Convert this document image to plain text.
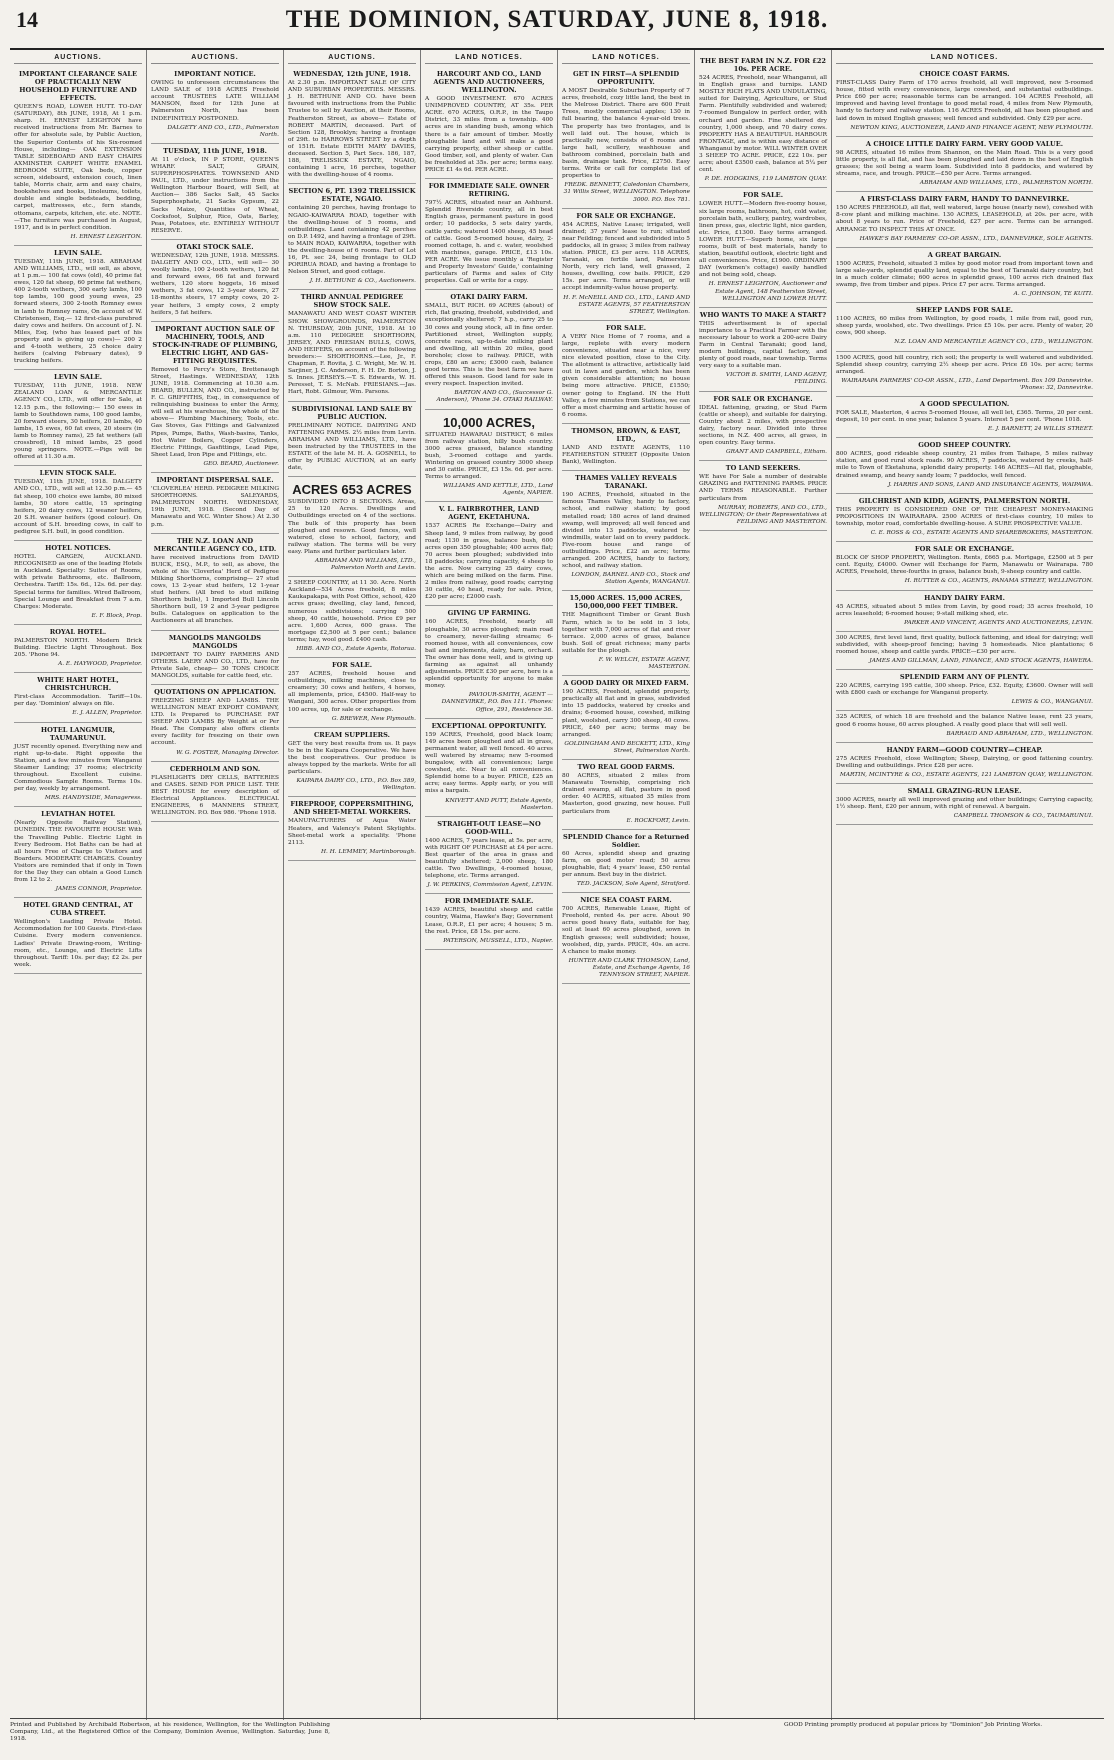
14	THE DOMINION, SATURDAY, JUNE 8, 1918.
AUCTIONS.
IMPORTANT CLEARANCE SALE OF PRACTICALLY NEW HOUSEHOLD FURNITURE AND EFFECTS.
QUEEN'S ROAD, LOWER HUTT. TO-DAY (SATURDAY), 8th JUNE, 1918, At 1 p.m. sharp. H. ERNEST LEIGHTON have received instructions from Mr. Barnes to offer for absolute sale, by Public Auction, the Superior Contents of his Six-roomed House, including— OAK EXTENSION TABLE SIDEBOARD AND EASY CHAIRS AXMINSTER CARPET WHITE ENAMEL BEDROOM SUITE, Oak beds, copper screen, sideboard, extension couch, linen table, Morris chair, arm and easy chairs, bookshelves and books, linoleums, toilets, double and single bedsteads, bedding, carpet, mattresses, etc., fern stands, ottomans, carpets, kitchen, etc. etc. NOTE.—The furniture was purchased in August, 1917, and is in perfect condition.
H. ERNEST LEIGHTON.
LEVIN SALE.
TUESDAY, 11th JUNE, 1918. ABRAHAM AND WILLIAMS, LTD., will sell, as above, at 1 p.m.— 100 fat cows (old), 40 prime fat ewes, 120 fat sheep, 60 prime fat wethers, 400 2-tooth wethers, 300 early lambs, 100 top lambs, 100 good young ewes, 25 forward steers, 300 2-tooth Romney ewes in lamb to Romney rams, On account of W. Christensen, Esq.— 12 first-class purebred dairy cows and heifers. On account of J. N. Miles, Esq. (who has leased part of his property and is giving up cows)— 200 2 and 4-tooth wethers, 25 choice dairy heifers (calving February dates), 9 trucking heifers.
LEVIN SALE.
TUESDAY, 11th JUNE, 1918. NEW ZEALAND LOAN & MERCANTILE AGENCY CO., LTD., will offer for Sale, at 12.15 p.m., the following:— 150 ewes in lamb to Southdown rams, 100 good lambs, 20 forward steers, 30 heifers, 20 lambs, 40 lambs, 15 ewes, 60 fat ewes, 20 steers (in lamb to Romney rams), 25 fat wethers (all crossbred), 18 mixed lambs, 25 good young springers. NOTE.—Pigs will be offered at 11.30 a.m.
LEVIN STOCK SALE.
TUESDAY, 11th JUNE, 1918. DALGETY AND CO., LTD., will sell at 12.30 p.m.— 45 fat sheep, 100 choice ewe lambs, 80 mixed lambs, 50 store cattle, 15 springing heifers, 20 dairy cows, 12 weaner heifers, 20 S.H. weaner heifers (good colour). On account of S.H. breeding cows, in calf to pedigree S.H. bull, in good condition.
HOTEL NOTICES.
HOTEL CARGEN, AUCKLAND. RECOGNISED as one of the leading Hotels in Auckland. Specialty: Suites of Rooms, with private Bathrooms, etc. Ballroom, Orchestra. Tariff: 15s. 6d., 12s. 6d. per day. Special terms for families. Wired Ballroom, Special Lounge and Breakfast from 7 a.m. Charges: Moderate.
E. F. Block, Prop.
ROYAL HOTEL.
PALMERSTON NORTH. Modern Brick Building. Electric Light Throughout. Box 205. 'Phone 94.
A. E. HAYWOOD, Proprietor.
WHITE HART HOTEL, CHRISTCHURCH.
First-class Accommodation. Tariff—10s. per day. 'Dominion' always on file.
E. J. ALLEN, Proprietor.
HOTEL LANGMUIR, TAUMARUNUI.
JUST recently opened. Everything new and right up-to-date. Right opposite the Station, and a few minutes from Wanganui Steamer Landing; 37 rooms; electricity throughout. Excellent cuisine. Commodious Sample Rooms. Terms 10s. per day, weekly by arrangement.
MRS. HANDYSIDE, Manageress.
LEVIATHAN HOTEL
(Nearly Opposite Railway Station), DUNEDIN. THE FAVOURITE HOUSE With the Travelling Public. Electric Light in Every Bedroom. Hot Baths can be had at all hours Free of Charge to Visitors and Boarders. MODERATE CHARGES. Country Visitors are reminded that if only in Town for the Day they can obtain a Good Lunch from 12 to 2.
JAMES CONNOR, Proprietor.
HOTEL GRAND CENTRAL, AT CUBA STREET.
Wellington's Leading Private Hotel. Accommodation for 100 Guests. First-class Cuisine. Every modern convenience. Ladies' Private Drawing-room, Writing-room, etc., Lounge, and Electric Lifts throughout. Tariff: 10s. per day; £2 2s. per week.
AUCTIONS.
IMPORTANT NOTICE.
OWING to unforeseen circumstances the LAND SALE of 1918 ACRES Freehold account TRUSTEES LATE WILLIAM MANSON, fixed for 12th June at Palmerston North, has been INDEFINITELY POSTPONED.
DALGETY AND CO., LTD., Palmerston North.
TUESDAY, 11th JUNE, 1918.
At 11 o'clock, IN P STORE, QUEEN'S WHARF. SALT, GRAIN, SUPERPHOSPHATES. TOWNSEND AND PAUL, LTD., under instructions from the Wellington Harbour Board, will Sell, at Auction— 386 Sacks Salt, 45 Sacks Superphosphate, 21 Sacks Gypsum, 22 Sacks Maize, Quantities of Wheat, Cocksfoot, Sulphur, Rice, Oats, Barley, Peas, Potatoes, etc. ENTIRELY WITHOUT RESERVE.
OTAKI STOCK SALE.
WEDNESDAY, 12th JUNE, 1918. MESSRS. DALGETY AND CO., LTD., will sell— 30 woolly lambs, 100 2-tooth wethers, 120 fat and forward ewes, 66 fat and forward wethers, 120 store hoggets, 16 mixed wethers, 3 fat cows, 12 3-year steers, 27 18-months steers, 17 empty cows, 20 2-year heifers, 3 empty cows, 2 empty heifers, 5 fat heifers.
IMPORTANT AUCTION SALE OF MACHINERY, TOOLS, AND STOCK-IN-TRADE OF PLUMBING, ELECTRIC LIGHT, AND GAS-FITTING REQUISITES.
Removed to Percy's Store, Brettenaugh Street, Hastings. WEDNESDAY, 12th JUNE, 1918. Commencing at 10.30 a.m. BEARD, BULLEN, AND CO., instructed by F. C. GRIFFITHS, Esq., in consequence of relinquishing business to enter the Army, will sell at his warehouse, the whole of the above— Plumbing Machinery, Tools, etc. Gas Stoves, Gas Fittings and Galvanized Pipes, Pumps, Baths, Wash-basins, Tanks, Hot Water Boilers, Copper Cylinders, Electric Fittings, Gasfittings, Lead Pipe, Sheet Lead, Iron Pipe and Fittings, etc.
GEO. BEARD, Auctioneer.
IMPORTANT DISPERSAL SALE.
'CLOVERLEA' HERD. PEDIGREE MILKING SHORTHORNS. SALEYARDS, PALMERSTON NORTH. WEDNESDAY, 19th JUNE, 1918. (Second Day of Manawatu and W.C. Winter Show.) At 2.30 p.m.
THE N.Z. LOAN AND MERCANTILE AGENCY CO., LTD.
have received instructions from DAVID BUICK, ESQ., M.P., to sell, as above, the whole of his 'Cloverlea' Herd of Pedigree Milking Shorthorns, comprising— 27 stud cows, 13 2-year stud heifers, 12 1-year stud heifers. (All bred to stud milking Shorthorn bulls), 1 Imported Bull Lincoln Shorthorn bull, 19 2 and 3-year pedigree bulls. Catalogues on application to the Auctioneers at all branches.
MANGOLDS MANGOLDS MANGOLDS
IMPORTANT TO DAIRY FARMERS AND OTHERS. LAERY AND CO., LTD., have for Private Sale, cheap— 30 TONS CHOICE MANGOLDS, suitable for cattle feed, etc.
QUOTATIONS ON APPLICATION.
FREEZING SHEEP AND LAMBS. THE WELLINGTON MEAT EXPORT COMPANY, LTD. Is Prepared to PURCHASE FAT SHEEP AND LAMBS By Weight at or Per Head. The Company also offers clients every facility for freezing on their own account.
W. G. FOSTER, Managing Director.
CEDERHOLM AND SON.
FLASHLIGHTS DRY CELLS, BATTERIES and CASES. SEND FOR PRICE LIST. THE BEST HOUSE for every description of Electrical Appliances. ELECTRICAL ENGINEERS, 6 MANNERS STREET, WELLINGTON. P.O. Box 986. 'Phone 1918.
AUCTIONS.
WEDNESDAY, 12th JUNE, 1918.
At 2.30 p.m. IMPORTANT SALE OF CITY AND SUBURBAN PROPERTIES. MESSRS. J. H. BETHUNE AND CO. have been favoured with instructions from the Public Trustee to sell by Auction, at their Rooms, Featherston Street, as above— Estate of ROBERT MARTIN, deceased. Part of Section 128, Brooklyn; having a frontage of 29ft. to HARROWS STREET by a depth of 151ft. Estate EDITH MARY DAVIES, deceased. Section 5, Part Secs. 186, 187, 188, TRELISSICK ESTATE, NGAIO, containing 1 acre, 16 perches, together with the dwelling-house of 4 rooms.
SECTION 6, PT. 1392 TRELISSICK ESTATE, NGAIO.
containing 20 perches, having frontage to NGAIO-KAIWARRA ROAD, together with the dwelling-house of 5 rooms, and outbuildings. Land containing 42 perches on D.P. 1492, and having a frontage of 29ft. to MAIN ROAD, KAIWARRA, together with the dwelling-house of 6 rooms. Part of Lot 16, Pt. sec 24, being frontage to OLD PORIRUA ROAD, and having a frontage to Nelson Street, and good cottage.
J. H. BETHUNE & CO., Auctioneers.
THIRD ANNUAL PEDIGREE SHOW STOCK SALE.
MANAWATU AND WEST COAST WINTER SHOW. SHOWGROUNDS, PALMERSTON N. THURSDAY, 20th JUNE, 1918. At 10 a.m. 110 PEDIGREE SHORTHORN, JERSEY, AND FRIESIAN BULLS, COWS, AND HEIFERS, on account of the following breeders:— SHORTHORNS.—Lee, Jr., F. Chapman, F. Rovita, J. C. Wright, Mr. W. H. Sarjiner, J. C. Anderson, F. H. Dr. Borton, J. S. Innes. JERSEYS.—T. S. Edwards, W. H. Peresset, T. S. McNab. FRIESIANS.—Jas. Hart, Robt. Gilmour, Wm. Parsons.
SUBDIVISIONAL LAND SALE BY PUBLIC AUCTION.
PRELIMINARY NOTICE. DAIRYING AND FATTENING FARMS. 2½ miles from Levin. ABRAHAM AND WILLIAMS, LTD., have been instructed by the TRUSTEES in the ESTATE of the late M. H. A. GOSNELL, to offer by PUBLIC AUCTION, at an early date,
ACRES 653 ACRES
SUBDIVIDED INTO 8 SECTIONS. Areas, 25 to 120 Acres. Dwellings and Outbuildings erected on 4 of the sections. The bulk of this property has been ploughed and resown. Good fences, well watered, close to school, factory, and railway station. The terms will be very easy. Plans and further particulars later.
ABRAHAM AND WILLIAMS, LTD., Palmerston North and Levin.
2 SHEEP COUNTRY, at 11 30. Acre. North Auckland—534 Acres freehold, 8 miles Kaukapakapa, with Post Office, school, 420 acres grass; dwelling, clay land, fenced, numerous subdivisions; carrying 500 sheep, 40 cattle, household. Price £9 per acre. 1,600 Acres, 600 grass. The mortgage £2,500 at 5 per cent.; balance terms; hay, wool good. £400 cash.
HIBB. AND CO., Estate Agents, Rotorua.
FOR SALE.
257 ACRES, freehold house and outbuildings, milking machines, close to creamery; 30 cows and heifers, 4 horses, all implements, price, £4500. Half-way to Wangani, 300 acres. Other properties from 100 acres, up, for sale or exchange.
G. BREWER, New Plymouth.
CREAM SUPPLIERS.
GET the very best results from us. It pays to be in the Kaipara Cooperative. We have the best cooperatives. Our produce is always topped by the markets. Write for all particulars.
KAIPARA DAIRY CO., LTD., P.O. Box 389, Wellington.
FIREPROOF, COPPERSMITHING, AND SHEET-METAL WORKERS.
MANUFACTURERS of Aqua Water Heaters, and Valency's Patent Skylights. Sheet-metal work a speciality. 'Phone 2113.
H. H. LEMMEY, Martinborough.
LAND NOTICES.
HARCOURT AND CO., LAND AGENTS AND AUCTIONEERS, WELLINGTON.
A GOOD INVESTMENT. 670 ACRES UNIMPROVED COUNTRY, AT 35s. PER ACRE. 670 ACRES, O.R.P., in the Taupo District, 33 miles from a township. 400 acres are in standing bush, among which there is a fair amount of timber. Mostly ploughable land and will make a good carrying property, either sheep or cattle. Good timber, soil, and plenty of water. Can be freeholded at 35s. per acre; terms easy. PRICE £1 4s 6d. PER ACRE.
FOR IMMEDIATE SALE. OWNER RETIRING.
797½ ACRES, situated near an Ashhurst. Splendid Riverside country, all in best English grass, permanent pasture in good order; 10 paddocks, 5 sets dairy yards, cattle yards; watered 1400 sheep, 45 head of cattle. Good 5-roomed house, dairy, 2-roomed cottage, h. and c. water, woolshed with machines, garage. PRICE, £13 10s. PER ACRE. We issue monthly a 'Register and Property Investors' Guide,' containing particulars of Farms and sales of City properties. Call or write for a copy.
OTAKI DAIRY FARM.
SMALL, BUT RICH. 69 ACRES (about) of rich, flat grazing, freehold, subdivided, and exceptionally sheltered; 7 h.p., carry 25 to 30 cows and young stock, all in fine order. Partitioned street, Wellington supply, concrete races, up-to-date milking plant and dwelling, all within 20 miles, good borehole; close to railway. PRICE, with crops, £80 an acre; £3000 cash, balance good terms. This is the best farm we have offered this season. Good land for sale in every respect. Inspection invited.
BARTON AND CO., (Successor G. Anderson), 'Phone 34. OTAKI RAILWAY.
10,000 ACRES,
SITUATED HAWARAU DISTRICT, 6 miles from railway station, hilly bush country. 3000 acres grassed, balance standing bush, 3-roomed cottage and yards. Wintering on grassed country 3000 sheep and 30 cattle. PRICE, £3 15s. 6d. per acre. Terms to arranged.
WILLIAMS AND KETTLE, LTD., Land Agents, NAPIER.
V. L. FAIRBROTHER, LAND AGENT, EKETAHUNA.
1537 ACRES Re Exchange—Dairy and Sheep land, 9 miles from railway, by good road; 1130 in grass, balance bush, 600 acres open 350 ploughable; 400 acres flat; 70 acres been ploughed; subdivided into 18 paddocks; carrying capacity, 4 sheep to the acre. Now carrying 25 dairy cows, which are being milked on the farm. Fine. 2 miles from railway, good roads; carrying 30 cattle, 40 head, ready for sale. Price, £20 per acre; £2000 cash.
GIVING UP FARMING.
160 ACRES, Freehold, nearly all ploughable, 30 acres ploughed; main road to creamery, never-failing streams; 6-roomed house, with all conveniences, cow bail and implements, dairy, barn, orchard. The owner has done well, and is giving up farming as against all unhandy adjustments. PRICE £30 per acre, here is a splendid opportunity for anyone to make money.
PAVIOUR-SMITH, AGENT — DANNEVIRKE, P.O. Box 111. 'Phones: Office, 291, Residence 36.
EXCEPTIONAL OPPORTUNITY.
159 ACRES, Freehold, good black loam; 149 acres been ploughed and all in grass, permanent water, all well fenced. 40 acres well watered by streams; new 5-roomed bungalow, with all conveniences; large cowshed, etc. Near to all conveniences. Splendid home to a buyer. PRICE, £25 an acre; easy terms. Apply early, or you will miss a bargain.
KNIVETT AND PUTT, Estate Agents, Masterton.
STRAIGHT-OUT LEASE—NO GOOD-WILL.
1400 ACRES, 7 years lease, at 5s. per acre, with RIGHT OF PURCHASE at £4 per acre. Best quarter of the area in grass and beautifully sheltered; 2,000 sheep, 180 cattle. Two Dwellings, 4-roomed house, telephone, etc. Terms arranged.
J. W. PERKINS, Commission Agent, LEVIN.
FOR IMMEDIATE SALE.
1439 ACRES, beautiful sheep and cattle country, Waima, Hawke's Bay; Government Lease, O.R.P., £1 per acre; 4 houses; 5 m. the rest. Price, £8 15s. per acre.
PATERSON, MUSSELL, LTD., Napier.
LAND NOTICES.
GET IN FIRST—A SPLENDID OPPORTUNITY.
A MOST Desirable Suburban Property of 7 acres, freehold, cozy little land, the best in the Melrose District. There are 600 Fruit Trees, mostly commercial apples; 130 in full bearing, the balance 4-year-old trees. The property has two frontages, and is well laid out. The house, which is practically new, consists of 6 rooms and large hall, scullery, washhouse and bathroom combined, porcelain bath and basin, drainage tank. Price, £2750. Easy terms. Write or call for complete list of properties to
FREDK. BENNETT, Caledonian Chambers, 31 Willis Street, WELLINGTON. Telephone 3000. P.O. Box 781.
FOR SALE OR EXCHANGE.
454 ACRES, Native Lease; irrigated, well drained; 37 years' lease to run; situated near Feilding; fenced and subdivided into 5 paddocks, all in grass; 3 miles from railway station. PRICE, £3 per acre. 118 ACRES, Taranaki, on fertile land, Palmerston North, very rich land, well grassed, 2 houses, dwelling, cow bails. PRICE, £29 15s. per acre. Terms arranged, or will accept indemnity-value house property.
H. F. McNEILL AND CO., LTD., LAND AND ESTATE AGENTS, 57 FEATHERSTON STREET, Wellington.
FOR SALE.
A VERY Nice Home of 7 rooms, and a large, replete with every modern convenience, situated near a nice, very nice elevated position, close to the City. The allotment is attractive, artistically laid out in lawn and garden, which has been given considerable attention; no house being more attractive. PRICE, £1550; owner going to England. IN the Hutt Valley, a few minutes from Stations, we can offer a most charming and artistic house of 6 rooms.
THOMSON, BROWN, & EAST, LTD.,
LAND AND ESTATE AGENTS, 110 FEATHERSTON STREET (Opposite Union Bank), Wellington.
THAMES VALLEY REVEALS TARANAKI.
190 ACRES, Freehold, situated in the famous Thames Valley, handy to factory, school, and railway station; by good metalled road; 180 acres of land drained swamp, well improved; all well fenced and divided into 13 paddocks, watered by windmills, water laid on to every paddock. Five-room house and range of outbuildings. Price, £22 an acre; terms arranged. 200 ACRES, handy to factory, school, and railway station.
LONDON, BARNEL AND CO., Stock and Station Agents, WANGANUI.
15,000 ACRES. 15,000 ACRES, 150,000,000 FEET TIMBER.
THE Magnificent Timber or Grant Bush Farm, which is to be sold in 3 lots, together with 7,000 acres of flat and river terrace. 2,000 acres of grass, balance bush. Soil of great richness; many parts suitable for the plough.
F. W. WELCH, ESTATE AGENT, MASTERTON.
A GOOD DAIRY OR MIXED FARM.
190 ACRES, Freehold, splendid property, practically all flat and in grass, subdivided into 15 paddocks, watered by creeks and drains; 6-roomed house, cowshed, milking plant, woolshed, carry 300 sheep, 40 cows. PRICE, £40 per acre; terms may be arranged.
GOLDINGHAM AND BECKETT, LTD., King Street, Palmerston North.
TWO REAL GOOD FARMS.
80 ACRES, situated 2 miles from Manawatu Township, comprising rich drained swamp, all flat, pasture in good order. 40 ACRES, situated 35 miles from Masterton, good grazing, new house. Full particulars from
E. ROCKFORT, Levin.
SPLENDID Chance for a Returned Soldier.
60 Acres, splendid sheep and grazing farm, on good motor road; 50 acres ploughable, flat; 4 years' lease, £50 rental per annum. Best buy in the district.
TED. JACKSON, Sole Agent, Stratford.
NICE SEA COAST FARM.
700 ACRES, Renewable Lease, Right of Freehold, rented 4s. per acre. About 90 acres good heavy flats, suitable for hay, soil at least 60 acres ploughed, sown in English grasses; well subdivided; house, woolshed, dip, yards. PRICE, 40s. an acre. A chance to make money.
HUNTER AND CLARK THOMSON, Land, Estate, and Exchange Agents, 16 TENNYSON STREET, NAPIER.
THE BEST FARM IN N.Z. FOR £22 10s. PER ACRE.
524 ACRES, Freehold, near Whanganui, all in English grass and turnips. LAND MOSTLY RICH FLATS AND UNDULATING, suited for Dairying, Agriculture, or Stud Farm. Plentifully subdivided and watered; 7-roomed Bungalow in perfect order, with orchard and garden. Fine sheltered dry country, 1,000 sheep, and 70 dairy cows. PROPERTY HAS A BEAUTIFUL HARBOUR FRONTAGE, and is within easy distance of Whanganui by motor. WILL WINTER OVER 3 SHEEP TO ACRE. PRICE, £22 10s. per acre; about £3500 cash, balance at 5¼ per cent.
P. DE. HODGKINS, 119 LAMBTON QUAY.
FOR SALE.
LOWER HUTT.—Modern five-roomy house, six large rooms, bathroom, hot, cold water, porcelain bath, scullery, pantry, wardrobes, linen press, gas, electric light, nice garden, etc. Price, £1300. Easy terms arranged. LOWER HUTT.—Superb home, six large rooms, built of best materials, handy to station, beautiful outlook, electric light and all conveniences. Price, £1900. ORDINARY DAY (workmen's cottage) easily handled and not being sold, cheap.
H. ERNEST LEIGHTON, Auctioneer and Estate Agent, 148 Featherston Street, WELLINGTON AND LOWER HUTT.
WHO WANTS TO MAKE A START?
THIS advertisement is of special importance to a Practical Farmer with the necessary labour to work a 200-acre Dairy Farm in Central Taranaki; good land, modern buildings, capital factory, and plenty of good roads, near township. Terms very easy to a suitable man.
VICTOR B. SMITH, LAND AGENT, FEILDING.
FOR SALE OR EXCHANGE.
IDEAL fattening, grazing, or Stud Farm (cattle or sheep), and suitable for dairying. Country about 2 miles, with prospective dairy, factory near. Divided into three sections, in N.Z. 400 acres, all grass, in open country. Easy terms.
GRANT AND CAMPBELL, Eltham.
TO LAND SEEKERS.
WE have For Sale a number of desirable GRAZING and FATTENING FARMS. PRICE AND TERMS REASONABLE. Further particulars from
MURRAY, ROBERTS, AND CO., LTD., WELLINGTON; Or their Representatives at FEILDING AND MASTERTON.
LAND NOTICES.
CHOICE COAST FARMS.
FIRST-CLASS Dairy Farm of 170 acres freehold, all well improved, new 5-roomed house, fitted with every convenience, large cowshed, and substantial outbuildings. Price £60 per acre; reasonable terms can be arranged. 104 ACRES Freehold, all improved and having level frontage to good metal road, 4 miles from New Plymouth, handy to factory and railway station. 116 ACRES Freehold, all has been ploughed and laid down in mixed English grasses; well fenced and subdivided. Only £29 per acre.
NEWTON KING, AUCTIONEER, LAND AND FINANCE AGENT, NEW PLYMOUTH.
A CHOICE LITTLE DAIRY FARM. VERY GOOD VALUE.
98 ACRES, situated 16 miles from Shannon, on the Main Road. This is a very good little property, is all flat, and has been ploughed and laid down in the best of English grasses; the soil being a warm loam. Subdivided into 8 paddocks, and watered by streams, race, and trough. PRICE—£50 per Acre. Terms arranged.
ABRAHAM AND WILLIAMS, LTD., PALMERSTON NORTH.
A FIRST-CLASS DAIRY FARM, HANDY TO DANNEVIRKE.
150 ACRES FREEHOLD, all flat, well watered, large house (nearly new), cowshed with 8-cow plant and milking machine. 130 ACRES, LEASEHOLD, at 20s. per acre, with about 8 years to run. Price of Freehold, £27 per acre. Terms can be arranged. ARRANGE TO INSPECT THIS AT ONCE.
HAWKE'S BAY FARMERS' CO-OP. ASSN., LTD., DANNEVIRKE, SOLE AGENTS.
A GREAT BARGAIN.
1500 ACRES, Freehold, situated 3 miles by good motor road from important town and large sale-yards, splendid quality land, equal to the best of Taranaki dairy country, but in a much colder climate; 600 acres in splendid grass, 100 acres rich drained flax swamp, five from timber and pipes. Price £7 per acre. Terms arranged.
A. C. JOHNSON, TE KUITI.
SHEEP LANDS FOR SALE.
1100 ACRES, 60 miles from Wellington, by good roads, 1 mile from rail, good run, sheep yards, woolshed, etc. Two dwellings. Price £5 10s. per acre. Plenty of water, 20 cows, 900 sheep.
N.Z. LOAN AND MERCANTILE AGENCY CO., LTD., WELLINGTON.
1500 ACRES, good hill country, rich soil; the property is well watered and subdivided. Splendid sheep country, carrying 2½ sheep per acre. Price £6 10s. per acre; terms arranged.
WAIRARAPA FARMERS' CO-OP. ASSN., LTD., Land Department. Box 109 Dannevirke. 'Phones: 32, Dannevirke.
A GOOD SPECULATION.
FOR SALE, Masterton, 4 acres 5-roomed House, all well let, £365. Terms, 20 per cent. deposit, 10 per cent. in one year, balance 5 years. Interest 5 per cent. 'Phone 1018.
E. J. BARNETT, 24 WILLIS STREET.
GOOD SHEEP COUNTRY.
800 ACRES, good rideable sheep country, 21 miles from Taihape, 5 miles railway station, and good rural stock roads. 90 ACRES, 7 paddocks, watered by creeks, half-mile to Town of Eketahuna, splendid dairy property. 146 ACRES—All flat, ploughable, drained swamp, and heavy sandy loam; 7 paddocks, well fenced.
J. HARRIS AND SONS, LAND AND INSURANCE AGENTS, WAIPAWA.
GILCHRIST AND KIDD, AGENTS, PALMERSTON NORTH.
THIS PROPERTY IS CONSIDERED ONE OF THE CHEAPEST MONEY-MAKING PROPOSITIONS IN WAIRARAPA. 2500 ACRES of first-class country, 10 miles to township, motor road, comfortable dwelling-house. A SURE PROSPECTIVE VALUE.
C. E. ROSS & CO., ESTATE AGENTS AND SHAREBROKERS, MASTERTON.
FOR SALE OR EXCHANGE.
BLOCK OF SHOP PROPERTY, Wellington. Rents, £665 p.a. Mortgage, £2500 at 5 per cent. Equity, £4000. Owner will Exchange for Farm, Manawatu or Wairarapa. 780 ACRES, Freehold, three-fourths in grass, balance bush, 9-sheep country and cattle.
H. RUTTER & CO., AGENTS, PANAMA STREET, WELLINGTON.
HANDY DAIRY FARM.
45 ACRES, situated about 5 miles from Levin, by good road; 35 acres freehold, 10 acres leasehold; 6-roomed house; 9-stall milking shed, etc.
PARKER AND VINCENT, AGENTS AND AUCTIONEERS, LEVIN.
300 ACRES, first level land, first quality, bullock fattening, and ideal for dairying; well subdivided, with sheep-proof fencing; having 5 homesteads. Nice plantations; 6 roomed house, sheep and cattle yards. PRICE—£30 per acre.
JAMES AND GILLMAN, LAND, FINANCE, AND STOCK AGENTS, HAWERA.
SPLENDID FARM ANY OF PLENTY.
220 ACRES, carrying 195 cattle, 300 sheep. Price, £32. Equity, £3600. Owner will sell with £800 cash or exchange for Wanganui property.
LEWIS & CO., WANGANUI.
325 ACRES, of which 18 are freehold and the balance Native lease, rent 23 years, good 6 rooms house, 60 acres ploughed. A really good place that will sell well.
BARRAUD AND ABRAHAM, LTD., WELLINGTON.
HANDY FARM—GOOD COUNTRY—CHEAP.
275 ACRES Freehold, close Wellington; Sheep, Dairying, or good fattening country. Dwelling and outbuildings. Price £28 per acre.
MARTIN, MCINTYRE & CO., ESTATE AGENTS, 121 LAMBTON QUAY, WELLINGTON.
SMALL GRAZING-RUN LEASE.
3000 ACRES, nearly all well improved grazing and other buildings; Carrying capacity, 1½ sheep. Rent, £20 per annum, with right of renewal. A bargain.
CAMPBELL THOMSON & CO., TAUMARUNUI.
Printed and Published by Archibald Robertson, at his residence, Wellington, for the Wellington Publishing Company, Ltd., at the Registered Office of the Company, Dominion Avenue, Wellington. Saturday, June 8, 1918.
GOOD Printing promptly produced at popular prices by "Dominion" Job Printing Works.
